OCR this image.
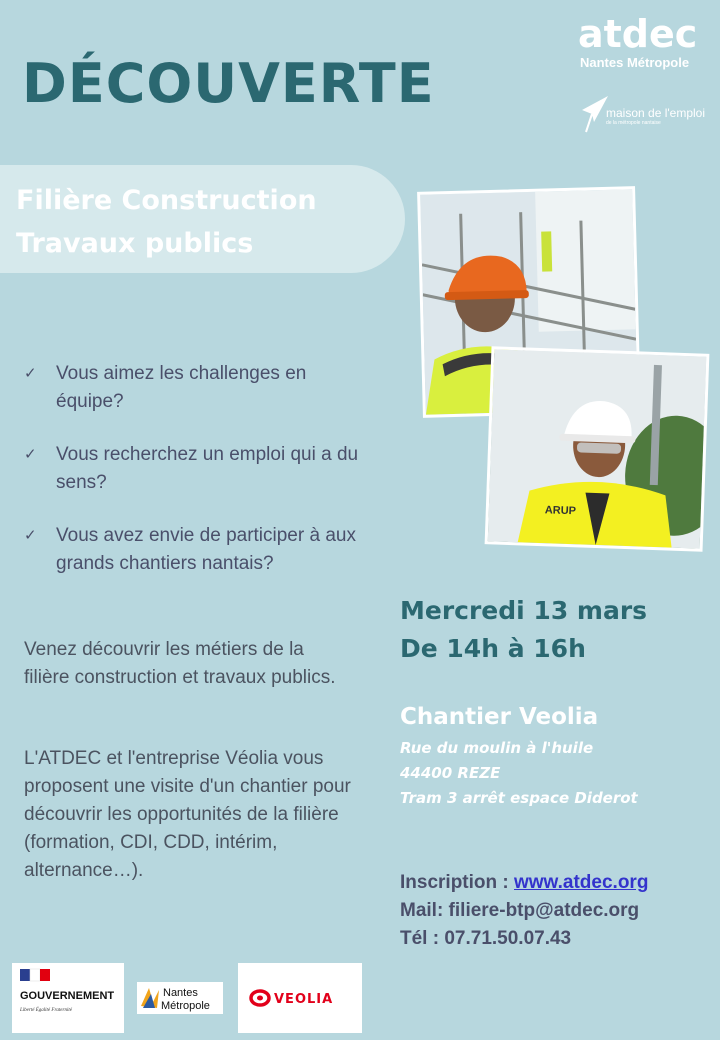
DÉCOUVERTE
atdec
Nantes Métropole
maison de l'emploi
de la métropole nantaise
Filière Construction
Travaux publics
✓ Vous aimez les challenges en équipe?
✓ Vous recherchez un emploi qui a du sens?
✓ Vous avez envie de participer à aux grands chantiers nantais?
Venez découvrir les métiers de la filière construction et travaux publics.
L'ATDEC et l'entreprise Véolia vous proposent une visite d'un chantier pour découvrir les opportunités de la filière (formation, CDI, CDD, intérim, alternance…).
ARUP
Mercredi 13 mars
De 14h à 16h
Chantier Veolia
Rue du moulin à l'huile
44400 REZE
Tram 3 arrêt espace Diderot
Inscription : www.atdec.org
Mail: filiere-btp@atdec.org
Tél : 07.71.50.07.43
GOUVERNEMENT
Liberté Égalité Fraternité
Nantes
Métropole	VEOLIA
